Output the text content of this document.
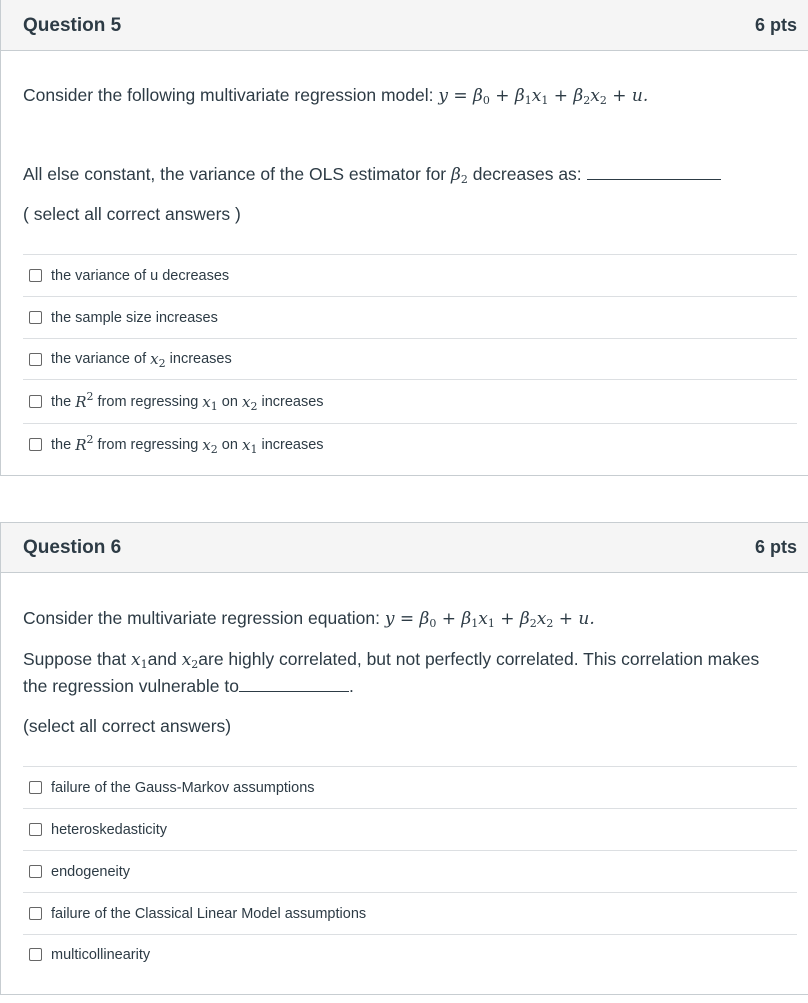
Question 5	6 pts
Consider the following multivariate regression model: $y = \beta_0 + \beta_1x_1 + \beta_2x_2 + u$.
All else constant, the variance of the OLS estimator for $\beta_2$ decreases as:
( select all correct answers )
the variance of u decreases
the sample size increases
the variance of
$x_2$
increases
the
$R^2$
from regressing
$x_1$
on
$x_2$
increases
the
$R^2$
from regressing
$x_2$
on
$x_1$
increases
Question 6	6 pts
Consider the multivariate regression equation: $y = \beta_0 + \beta_1x_1 + \beta_2x_2 + u$.
Suppose that $x_1and$ $x_2are$ highly correlated, but not perfectly correlated. This correlation makes
the regression vulnerable to	.
(select all correct answers)
failure of the Gauss-Markov assumptions
heteroskedasticity
endogeneity
failure of the Classical Linear Model assumptions
multicollinearity
